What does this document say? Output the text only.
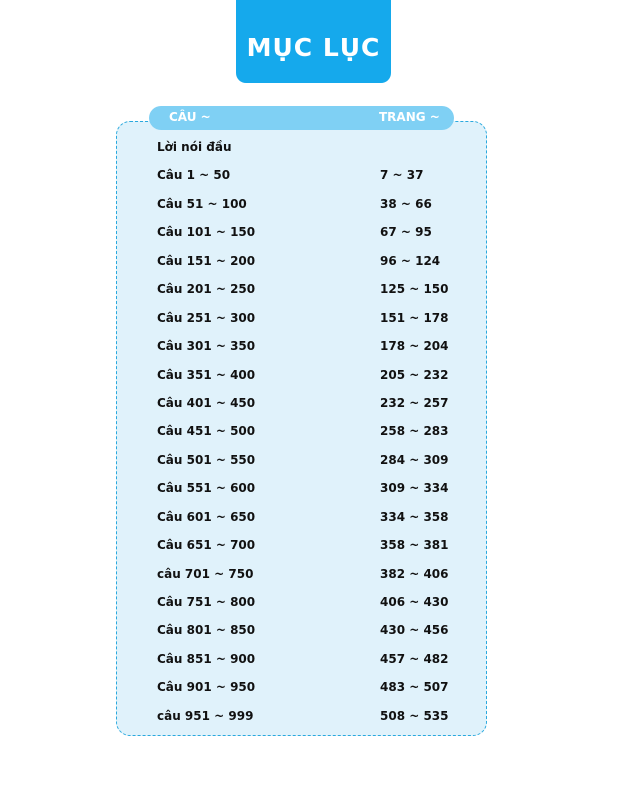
MỤC LỤC
CÂU ~	TRANG ~
Lời nói đầu
Câu 1 ~ 50	7 ~ 37
Câu 51 ~ 100	38 ~ 66
Câu 101 ~ 150	67 ~ 95
Câu 151 ~ 200	96 ~ 124
Câu 201 ~ 250	125 ~ 150
Câu 251 ~ 300	151 ~ 178
Câu 301 ~ 350	178 ~ 204
Câu 351 ~ 400	205 ~ 232
Câu 401 ~ 450	232 ~ 257
Câu 451 ~ 500	258 ~ 283
Câu 501 ~ 550	284 ~ 309
Câu 551 ~ 600	309 ~ 334
Câu 601 ~ 650	334 ~ 358
Câu 651 ~ 700	358 ~ 381
câu 701 ~ 750	382 ~ 406
Câu 751 ~ 800	406 ~ 430
Câu 801 ~ 850	430 ~ 456
Câu 851 ~ 900	457 ~ 482
Câu 901 ~ 950	483 ~ 507
câu 951 ~ 999	508 ~ 535
